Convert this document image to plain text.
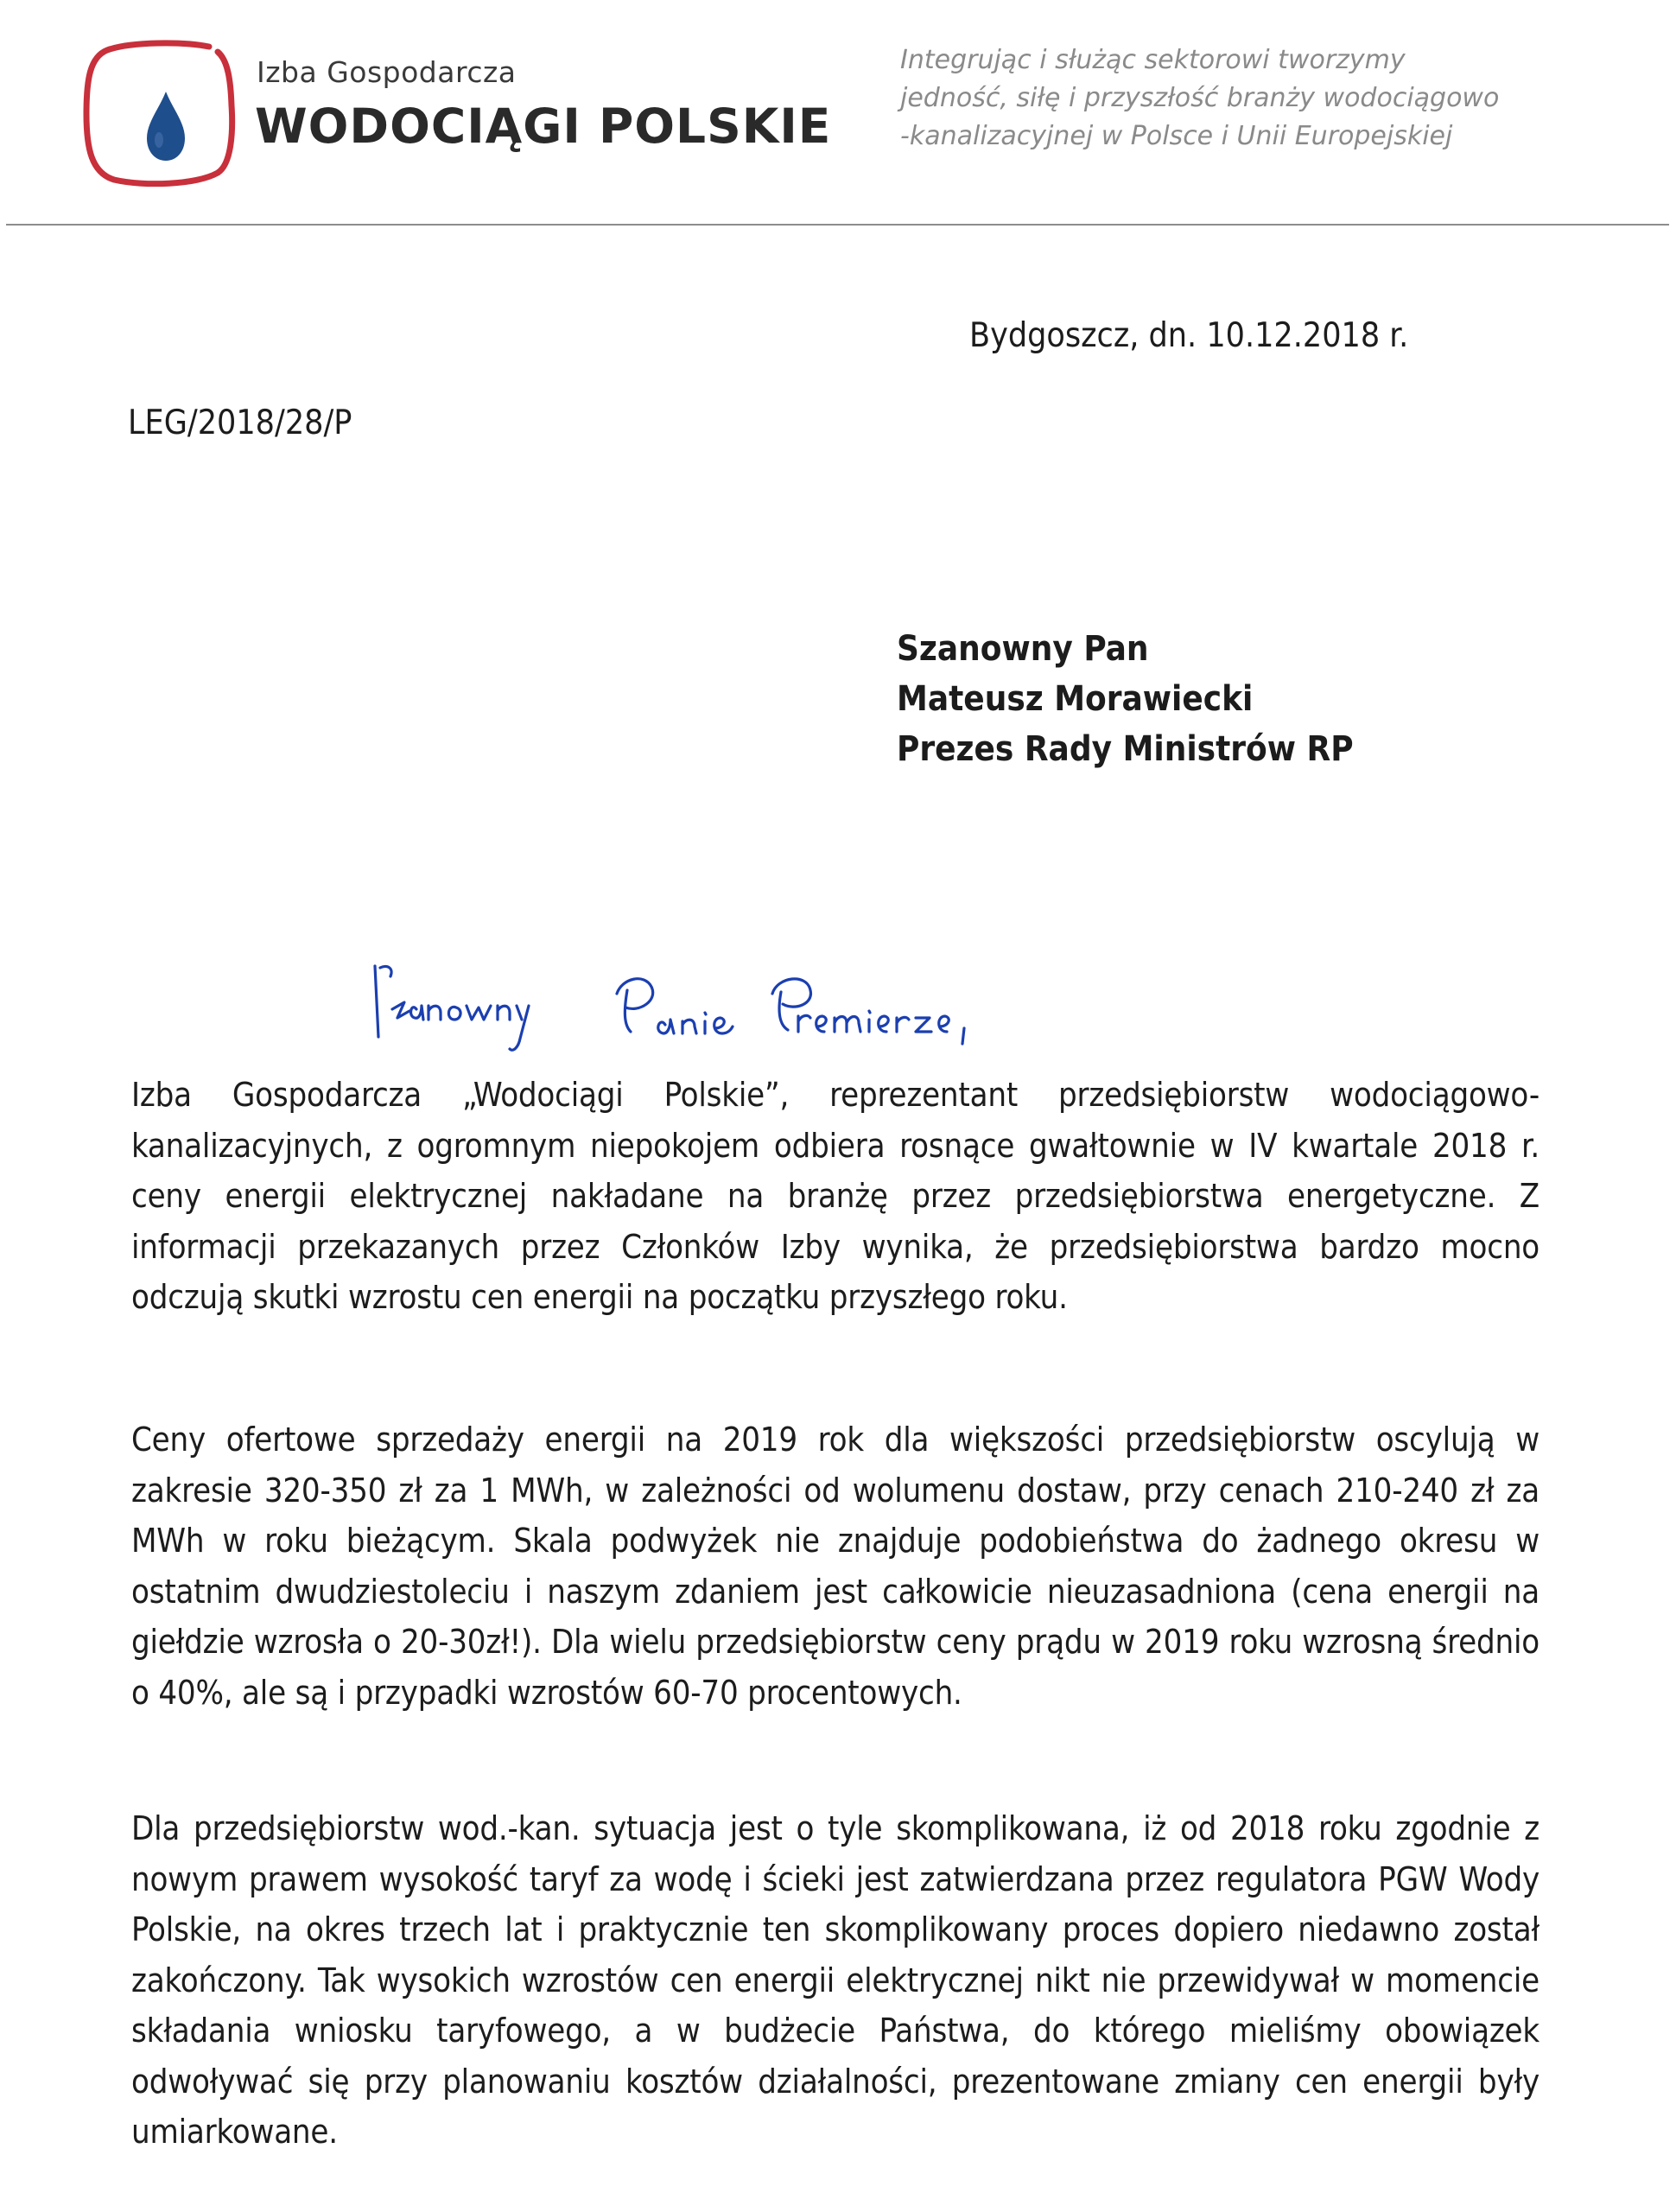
Izba Gospodarcza
WODOCIĄGI POLSKIE
Integrując i służąc sektorowi tworzymy
jedność, siłę i przyszłość branży wodociągowo
-kanalizacyjnej w Polsce i Unii Europejskiej
Bydgoszcz, dn. 10.12.2018 r.
LEG/2018/28/P
Szanowny Pan
Mateusz Morawiecki
Prezes Rady Ministrów RP
Izba Gospodarcza „Wodociągi Polskie”, reprezentant przedsiębiorstw wodociągowo-kanalizacyjnych, z ogromnym niepokojem odbiera rosnące gwałtownie w IV kwartale 2018 r. ceny energii elektrycznej nakładane na branżę przez przedsiębiorstwa energetyczne. Z informacji przekazanych przez Członków Izby wynika, że przedsiębiorstwa bardzo mocno odczują skutki wzrostu cen energii na początku przyszłego roku.
Ceny ofertowe sprzedaży energii na 2019 rok dla większości przedsiębiorstw oscylują w zakresie 320-350 zł za 1 MWh, w zależności od wolumenu dostaw, przy cenach 210-240 zł za MWh w roku bieżącym. Skala podwyżek nie znajduje podobieństwa do żadnego okresu w ostatnim dwudziestoleciu i naszym zdaniem jest całkowicie nieuzasadniona (cena energii na giełdzie wzrosła o 20-30zł!). Dla wielu przedsiębiorstw ceny prądu w 2019 roku wzrosną średnio o 40%, ale są i przypadki wzrostów 60-70 procentowych.
Dla przedsiębiorstw wod.-kan. sytuacja jest o tyle skomplikowana, iż od 2018 roku zgodnie z nowym prawem wysokość taryf za wodę i ścieki jest zatwierdzana przez regulatora PGW Wody Polskie, na okres trzech lat i praktycznie ten skomplikowany proces dopiero niedawno został zakończony. Tak wysokich wzrostów cen energii elektrycznej nikt nie przewidywał w momencie składania wniosku taryfowego, a w budżecie Państwa, do którego mieliśmy obowiązek odwoływać się przy planowaniu kosztów działalności, prezentowane zmiany cen energii były umiarkowane.
